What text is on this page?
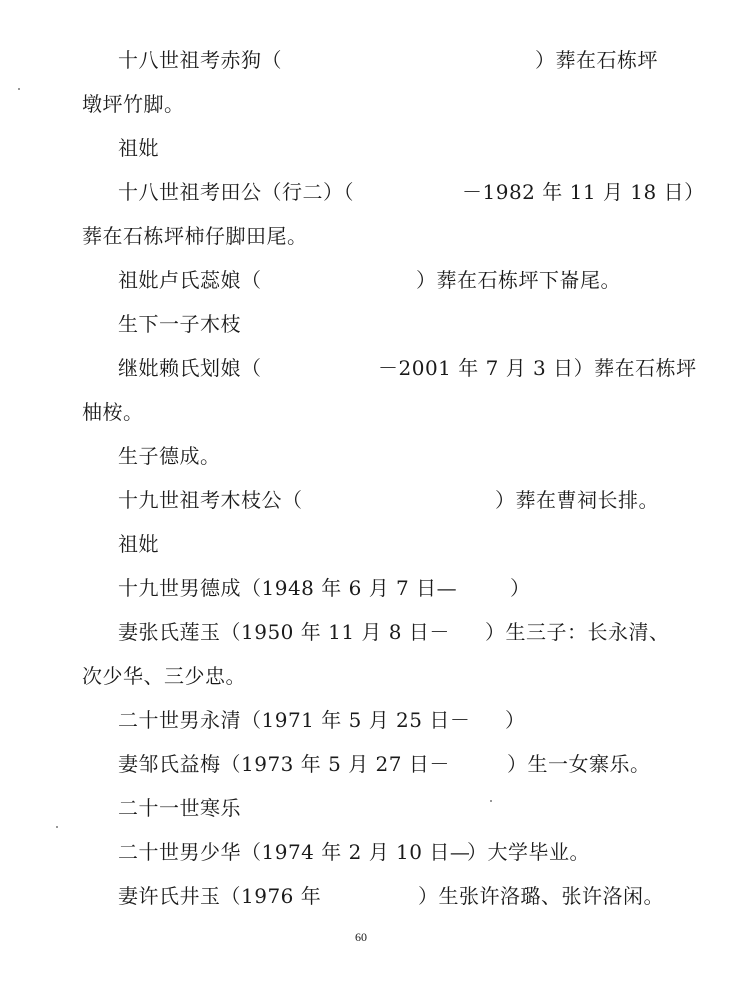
十八世祖考赤狗（	）葬在石栋坪
墩坪竹脚。
祖妣
十八世祖考田公（行二）（	－1982 年 11 月 18 日）
葬在石栋坪柿仔脚田尾。
祖妣卢氏蕊娘（	）葬在石栋坪下崙尾。
生下一子木枝
继妣赖氏划娘（	－2001 年 7 月 3 日）葬在石栋坪
柚桉。
生子德成。
十九世祖考木枝公（	）葬在曹祠长排。
祖妣
十九世男德成（1948 年 6 月 7 日—	）
妻张氏莲玉（1950 年 11 月 8 日－ ）生三子：长永清、
次少华、三少忠。
二十世男永清（1971 年 5 月 25 日－ ）
妻邹氏益梅（1973 年 5 月 27 日－	）生一女寨乐。
二十一世寒乐
二十世男少华（1974 年 2 月 10 日—
）大学毕业。
妻许氏井玉（1976 年	）生张许洛璐、张许洛闲。
60
